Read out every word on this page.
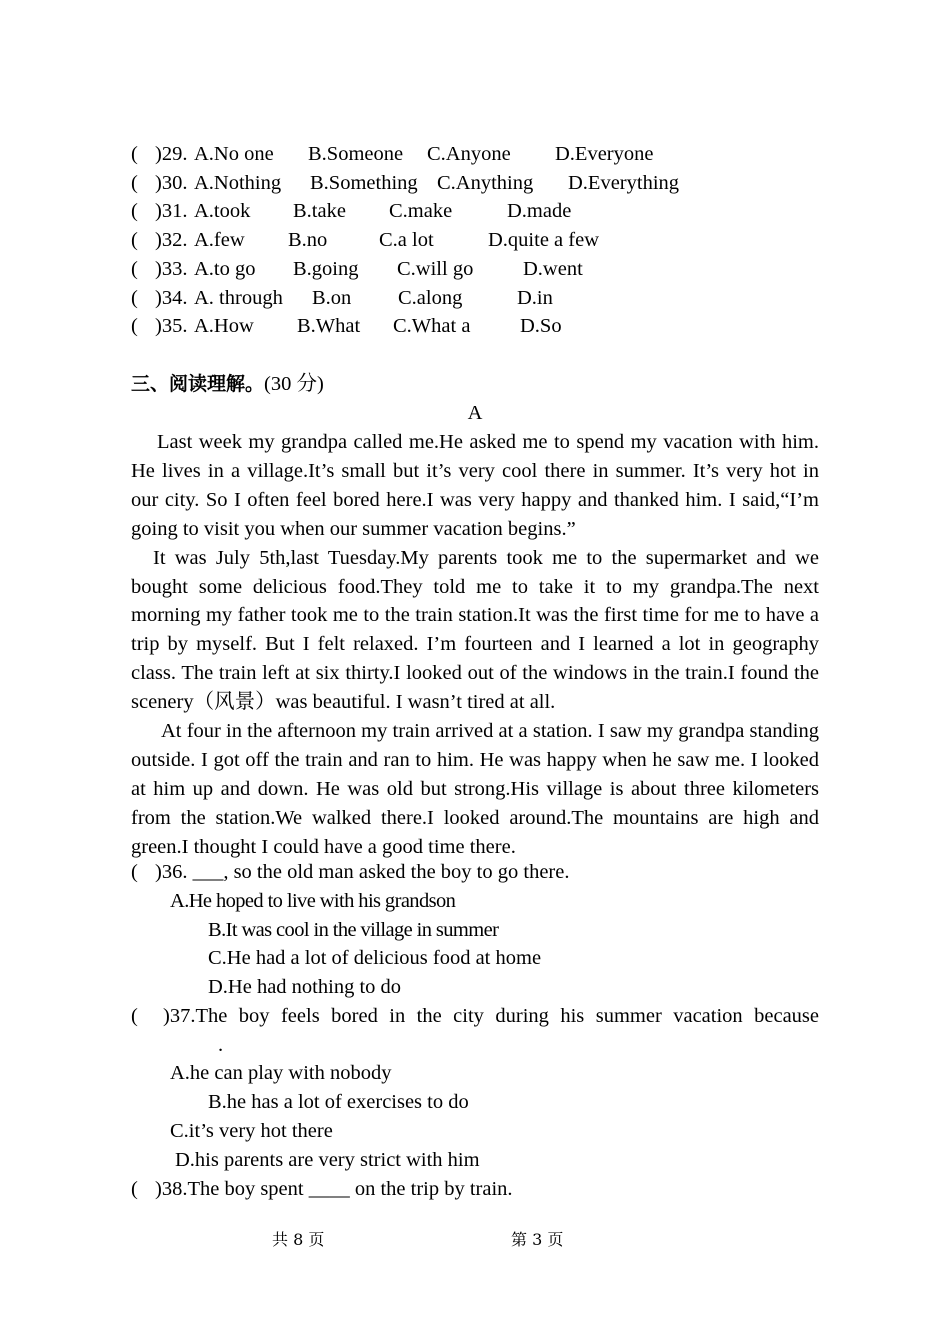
( )29. A.No one B.Someone C.Anyone D.Everyone
( )30. A.Nothing B.Something C.Anything D.Everything
( )31. A.took B.take C.make	D.made
( )32. A.few B.no	C.a lot	D.quite a few
( )33. A.to go B.going C.will go D.went
( )34. A. through B.on C.along	D.in
( )35. A.How B.What C.What a D.So
三、阅读理解。(30 分)
A

Last week my grandpa called me.He asked me to spend my vacation with him. He lives in a village.It’s small but it’s very cool there in summer. It’s very hot in our city. So I often feel bored here.I was very happy and thanked him. I said,“I’m going to visit you when our summer vacation begins.”

It was July 5th,last Tuesday.My parents took me to the supermarket and we bought some delicious food.They told me to take it to my grandpa.The next morning my father took me to the train station.It was the first time for me to have a trip by myself. But I felt relaxed. I’m fourteen and I learned a lot in geography class. The train left at six thirty.I looked out of the windows in the train.I found the scenery（风景）was beautiful. I wasn’t tired at all.

At four in the afternoon my train arrived at a station. I saw my grandpa standing outside. I got off the train and ran to him. He was happy when he saw me. I looked at him up and down. He was old but strong.His village is about three kilometers from the station.We walked there.I looked around.The mountains are high and green.I thought I could have a good time there.

( )36. ___, so the old man asked the boy to go there.
A.He hoped to live with his grandson
B.It was cool in the village in summer
C.He had a lot of delicious food at home
D.He had nothing to do
( )37.The boy feels bored in the city during his summer vacation because
.
A.he can play with nobody
B.he has a lot of exercises to do
C.it’s very hot there
D.his parents are very strict with him
( )38.The boy spent ____ on the trip by train.
共 8 页	第 3 页
